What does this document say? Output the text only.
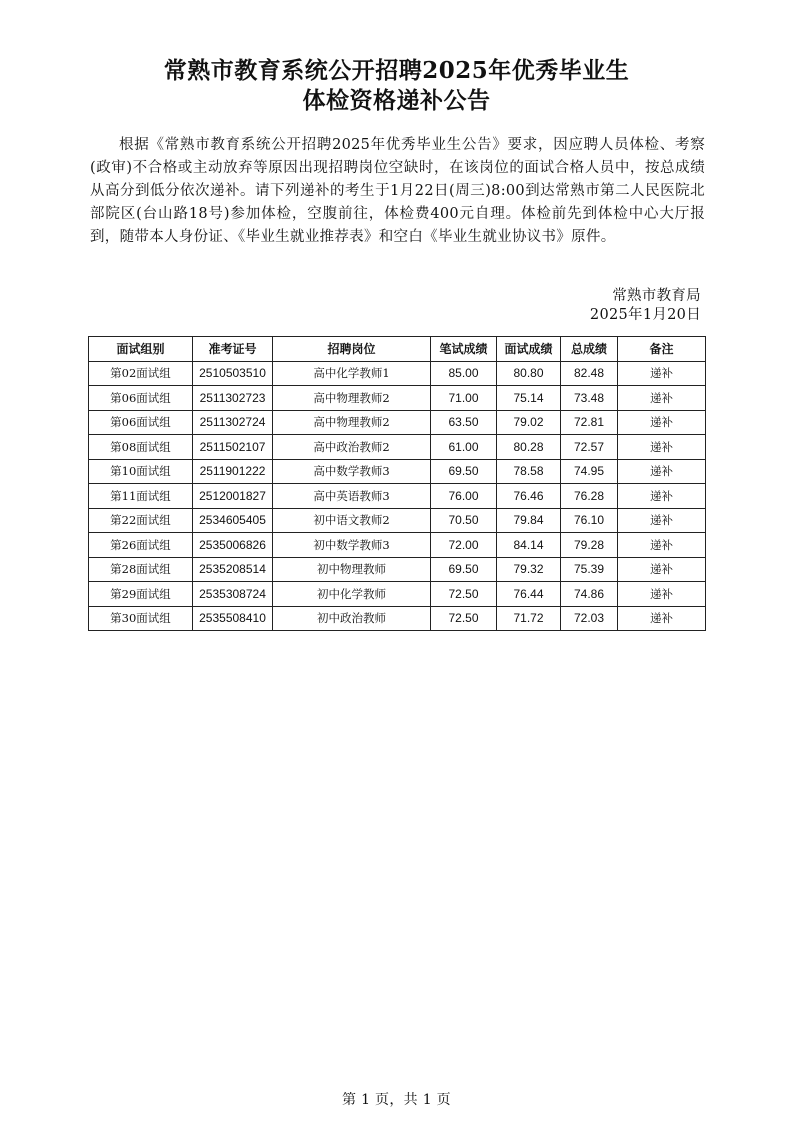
常熟市教育系统公开招聘2025年优秀毕业生
体检资格递补公告
根据《常熟市教育系统公开招聘2025年优秀毕业生公告》要求，因应聘人员体检、考察(政审)不合格或主动放弃等原因出现招聘岗位空缺时，在该岗位的面试合格人员中，按总成绩从高分到低分依次递补。请下列递补的考生于1月22日(周三)8:00到达常熟市第二人民医院北部院区(台山路18号)参加体检，空腹前往，体检费400元自理。体检前先到体检中心大厅报到，随带本人身份证、《毕业生就业推荐表》和空白《毕业生就业协议书》原件。
常熟市教育局
2025年1月20日
面试组别	准考证号	招聘岗位	笔试成绩	面试成绩	总成绩	备注
第02面试组	2510503510	高中化学教师1	85.00	80.80	82.48	递补
第06面试组	2511302723	高中物理教师2	71.00	75.14	73.48	递补
第06面试组	2511302724	高中物理教师2	63.50	79.02	72.81	递补
第08面试组	2511502107	高中政治教师2	61.00	80.28	72.57	递补
第10面试组	2511901222	高中数学教师3	69.50	78.58	74.95	递补
第11面试组	2512001827	高中英语教师3	76.00	76.46	76.28	递补
第22面试组	2534605405	初中语文教师2	70.50	79.84	76.10	递补
第26面试组	2535006826	初中数学教师3	72.00	84.14	79.28	递补
第28面试组	2535208514	初中物理教师	69.50	79.32	75.39	递补
第29面试组	2535308724	初中化学教师	72.50	76.44	74.86	递补
第30面试组	2535508410	初中政治教师	72.50	71.72	72.03	递补
第 1 页，共 1 页
